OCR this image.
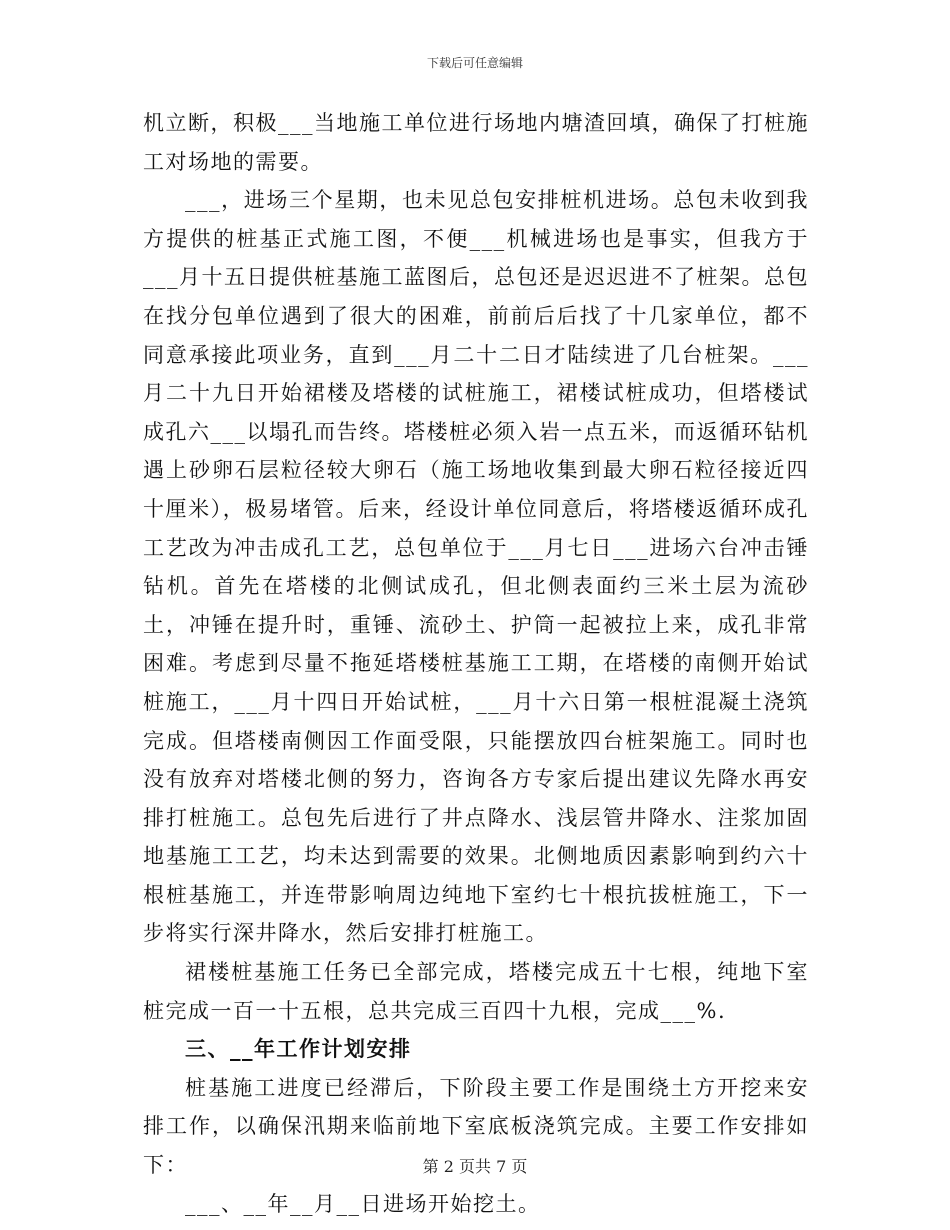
下载后可任意编辑

机立断，积极___当地施工单位进行场地内塘渣回填，确保了打桩施工对场地的需要。

___，进场三个星期，也未见总包安排桩机进场。总包未收到我方提供的桩基正式施工图，不便___机械进场也是事实，但我方于___月十五日提供桩基施工蓝图后，总包还是迟迟进不了桩架。总包在找分包单位遇到了很大的困难，前前后后找了十几家单位，都不同意承接此项业务，直到___月二十二日才陆续进了几台桩架。___月二十九日开始裙楼及塔楼的试桩施工，裙楼试桩成功，但塔楼试成孔六___以塌孔而告终。塔楼桩必须入岩一点五米，而返循环钻机遇上砂卵石层粒径较大卵石（施工场地收集到最大卵石粒径接近四十厘米），极易堵管。后来，经设计单位同意后，将塔楼返循环成孔工艺改为冲击成孔工艺，总包单位于___月七日___进场六台冲击锤钻机。首先在塔楼的北侧试成孔，但北侧表面约三米土层为流砂土，冲锤在提升时，重锤、流砂土、护筒一起被拉上来，成孔非常困难。考虑到尽量不拖延塔楼桩基施工工期，在塔楼的南侧开始试桩施工，___月十四日开始试桩，___月十六日第一根桩混凝土浇筑完成。但塔楼南侧因工作面受限，只能摆放四台桩架施工。同时也没有放弃对塔楼北侧的努力，咨询各方专家后提出建议先降水再安排打桩施工。总包先后进行了井点降水、浅层管井降水、注浆加固地基施工工艺，均未达到需要的效果。北侧地质因素影响到约六十根桩基施工，并连带影响周边纯地下室约七十根抗拔桩施工，下一步将实行深井降水，然后安排打桩施工。

裙楼桩基施工任务已全部完成，塔楼完成五十七根，纯地下室桩完成一百一十五根，总共完成三百四十九根，完成___%.

三、__年工作计划安排

桩基施工进度已经滞后，下阶段主要工作是围绕土方开挖来安排工作，以确保汛期来临前地下室底板浇筑完成。主要工作安排如下：

___、__年__月__日进场开始挖土。

第 2 页共 7 页
